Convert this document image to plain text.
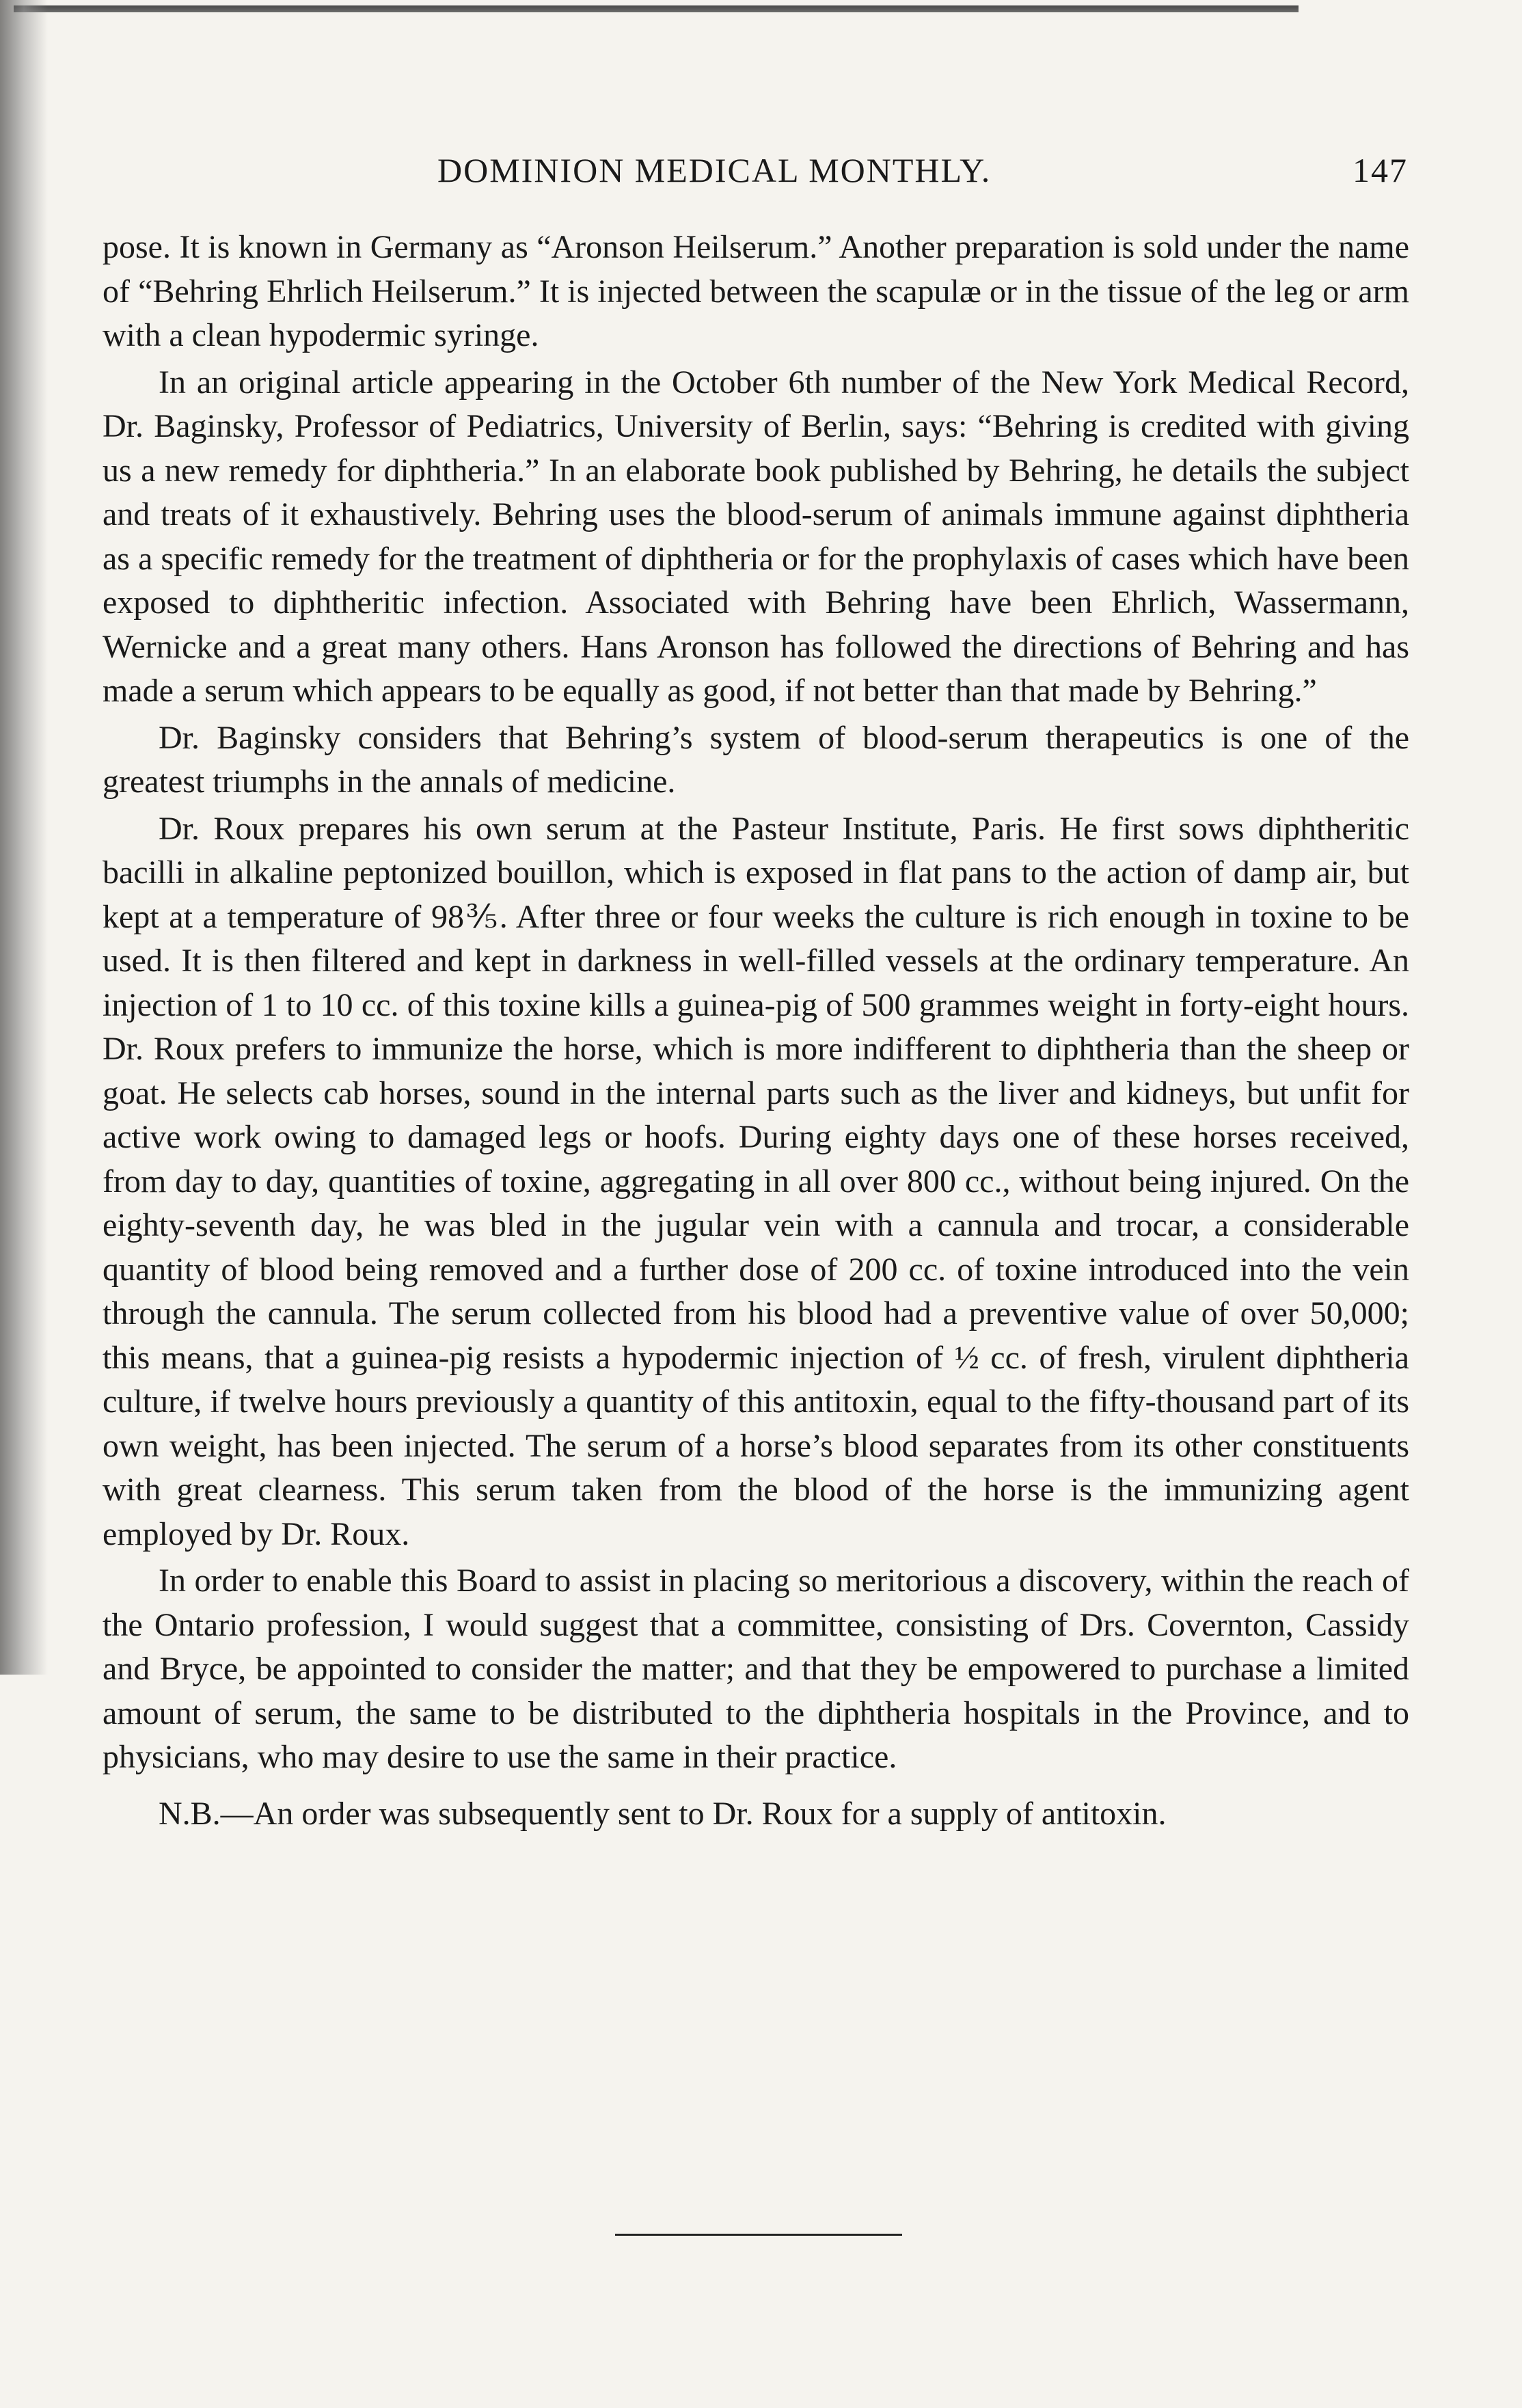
DOMINION MEDICAL MONTHLY.	147

pose. It is known in Germany as “Aronson Heilserum.” Another preparation is sold under the name of “Behring Ehrlich Heilserum.” It is injected between the scapulæ or in the tissue of the leg or arm with a clean hypodermic syringe.

In an original article appearing in the October 6th number of the New York Medical Record, Dr. Baginsky, Professor of Pediatrics, University of Berlin, says: “Behring is credited with giving us a new remedy for diphtheria.” In an elaborate book published by Behring, he details the subject and treats of it exhaustively. Behring uses the blood-serum of animals immune against diphtheria as a specific remedy for the treatment of diphtheria or for the prophylaxis of cases which have been exposed to diphtheritic infection. Associated with Behring have been Ehrlich, Wassermann, Wernicke and a great many others. Hans Aronson has followed the directions of Behring and has made a serum which appears to be equally as good, if not better than that made by Behring.”

Dr. Baginsky considers that Behring’s system of blood-serum therapeutics is one of the greatest triumphs in the annals of medicine.

Dr. Roux prepares his own serum at the Pasteur Institute, Paris. He first sows diphtheritic bacilli in alkaline peptonized bouillon, which is exposed in flat pans to the action of damp air, but kept at a temperature of 98⅗. After three or four weeks the culture is rich enough in toxine to be used. It is then filtered and kept in darkness in well-filled vessels at the ordinary temperature. An injection of 1 to 10 cc. of this toxine kills a guinea-pig of 500 grammes weight in forty-eight hours. Dr. Roux prefers to immunize the horse, which is more indifferent to diphtheria than the sheep or goat. He selects cab horses, sound in the internal parts such as the liver and kidneys, but unfit for active work owing to damaged legs or hoofs. During eighty days one of these horses received, from day to day, quantities of toxine, aggregating in all over 800 cc., without being injured. On the eighty-seventh day, he was bled in the jugular vein with a cannula and trocar, a considerable quantity of blood being removed and a further dose of 200 cc. of toxine introduced into the vein through the cannula. The serum collected from his blood had a preventive value of over 50,000; this means, that a guinea-pig resists a hypodermic injection of ½ cc. of fresh, virulent diphtheria culture, if twelve hours previously a quantity of this antitoxin, equal to the fifty-thousand part of its own weight, has been injected. The serum of a horse’s blood separates from its other constituents with great clearness. This serum taken from the blood of the horse is the immunizing agent employed by Dr. Roux.

In order to enable this Board to assist in placing so meritorious a discovery, within the reach of the Ontario profession, I would suggest that a committee, consisting of Drs. Covernton, Cassidy and Bryce, be appointed to consider the matter; and that they be empowered to purchase a limited amount of serum, the same to be distributed to the diphtheria hospitals in the Province, and to physicians, who may desire to use the same in their practice.

N.B.—An order was subsequently sent to Dr. Roux for a supply of antitoxin.
